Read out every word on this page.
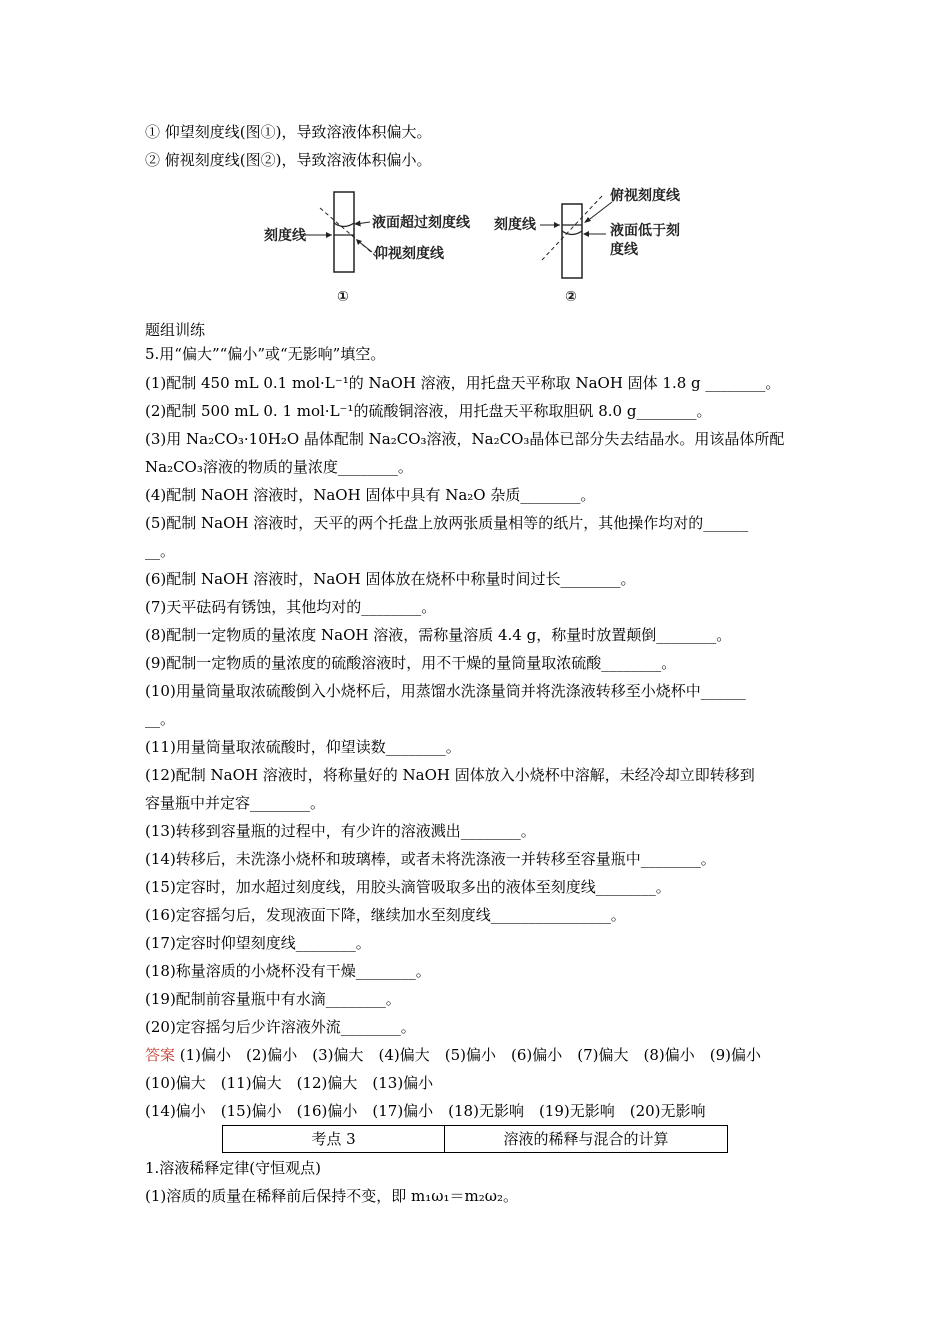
① 仰望刻度线(图①)，导致溶液体积偏大。
② 俯视刻度线(图②)，导致溶液体积偏小。
刻度线
液面超过刻度线
仰视刻度线
①
刻度线
俯视刻度线
液面低于刻
度线
②
题组训练
5.用“偏大”“偏小”或“无影响”填空。
(1)配制 450 mL 0.1 mol·L⁻¹的 NaOH 溶液，用托盘天平称取 NaOH 固体 1.8 g ________。
(2)配制 500 mL 0. 1 mol·L⁻¹的硫酸铜溶液，用托盘天平称取胆矾 8.0 g________。
(3)用 Na₂CO₃·10H₂O 晶体配制 Na₂CO₃溶液，Na₂CO₃晶体已部分失去结晶水。用该晶体所配
Na₂CO₃溶液的物质的量浓度________。
(4)配制 NaOH 溶液时，NaOH 固体中具有 Na₂O 杂质________。
(5)配制 NaOH 溶液时，天平的两个托盘上放两张质量相等的纸片，其他操作均对的______
__。
(6)配制 NaOH 溶液时，NaOH 固体放在烧杯中称量时间过长________。
(7)天平砝码有锈蚀，其他均对的________。
(8)配制一定物质的量浓度 NaOH 溶液，需称量溶质 4.4 g，称量时放置颠倒________。
(9)配制一定物质的量浓度的硫酸溶液时，用不干燥的量筒量取浓硫酸________。
(10)用量筒量取浓硫酸倒入小烧杯后，用蒸馏水洗涤量筒并将洗涤液转移至小烧杯中______
__。
(11)用量筒量取浓硫酸时，仰望读数________。
(12)配制 NaOH 溶液时，将称量好的 NaOH 固体放入小烧杯中溶解，未经冷却立即转移到
容量瓶中并定容________。
(13)转移到容量瓶的过程中，有少许的溶液溅出________。
(14)转移后，未洗涤小烧杯和玻璃棒，或者未将洗涤液一并转移至容量瓶中________。
(15)定容时，加水超过刻度线，用胶头滴管吸取多出的液体至刻度线________。
(16)定容摇匀后，发现液面下降，继续加水至刻度线________________。
(17)定容时仰望刻度线________。
(18)称量溶质的小烧杯没有干燥________。
(19)配制前容量瓶中有水滴________。
(20)定容摇匀后少许溶液外流________。
答案 (1)偏小　(2)偏小　(3)偏大　(4)偏大　(5)偏小　(6)偏小　(7)偏大　(8)偏小　(9)偏小
(10)偏大　(11)偏大　(12)偏大　(13)偏小
(14)偏小　(15)偏小　(16)偏小　(17)偏小　(18)无影响　(19)无影响　(20)无影响
考点 3	溶液的稀释与混合的计算
1.溶液稀释定律(守恒观点)
(1)溶质的质量在稀释前后保持不变，即 m₁ω₁＝m₂ω₂。
